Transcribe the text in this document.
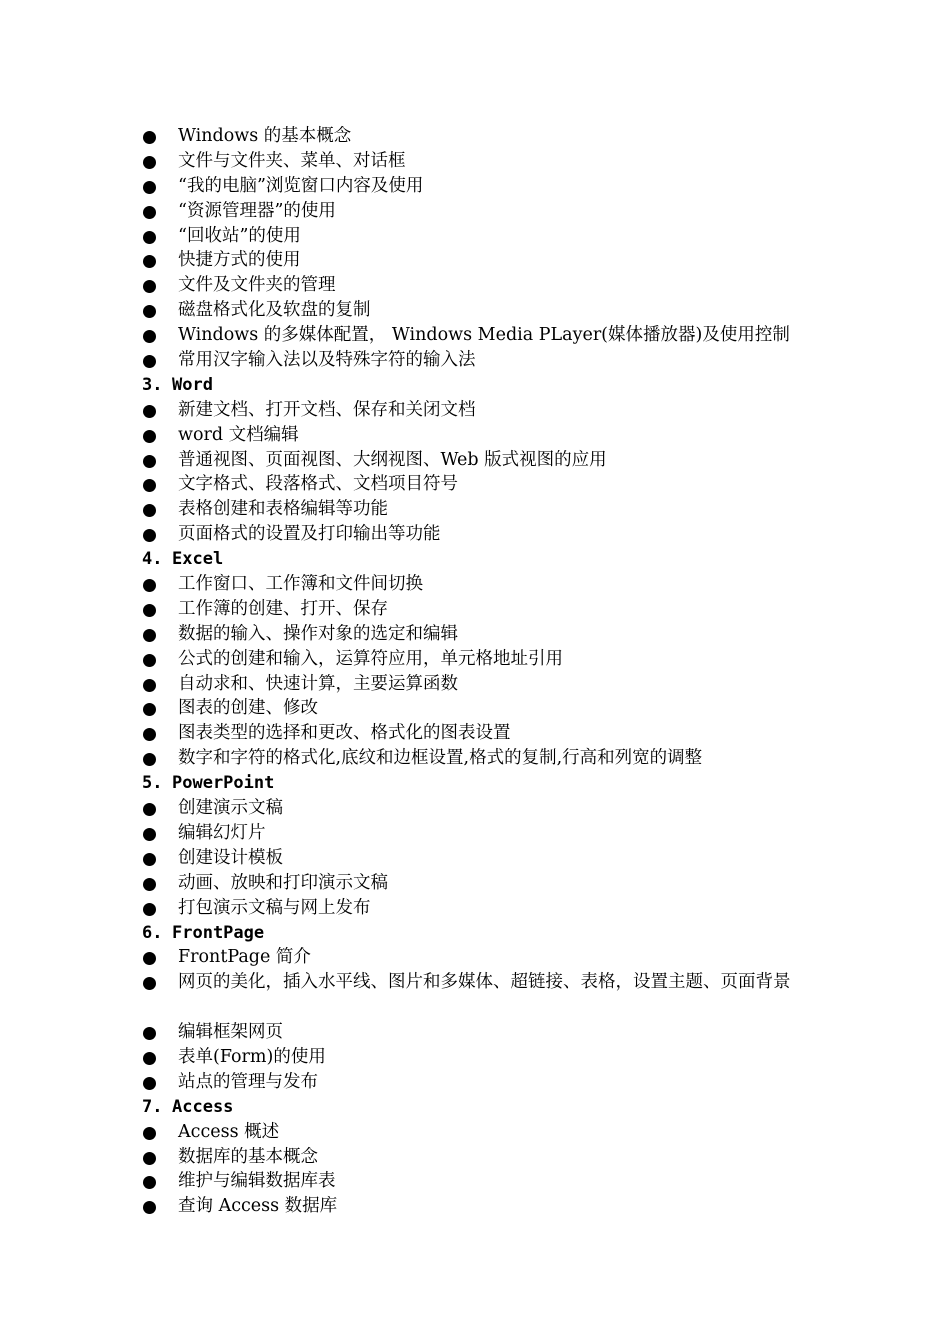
Windows 的基本概念
文件与文件夹、菜单、对话框
“我的电脑”浏览窗口内容及使用
“资源管理器”的使用
“回收站”的使用
快捷方式的使用
文件及文件夹的管理
磁盘格式化及软盘的复制
Windows 的多媒体配置， Windows Media PLayer(媒体播放器)及使用控制
常用汉字输入法以及特殊字符的输入法
3. Word
新建文档、打开文档、保存和关闭文档
word 文档编辑
普通视图、页面视图、大纲视图、Web 版式视图的应用
文字格式、段落格式、文档项目符号
表格创建和表格编辑等功能
页面格式的设置及打印输出等功能
4. Excel
工作窗口、工作簿和文件间切换
工作簿的创建、打开、保存
数据的输入、操作对象的选定和编辑
公式的创建和输入，运算符应用，单元格地址引用
自动求和、快速计算，主要运算函数
图表的创建、修改
图表类型的选择和更改、格式化的图表设置
数字和字符的格式化,底纹和边框设置,格式的复制,行高和列宽的调整
5. PowerPoint
创建演示文稿
编辑幻灯片
创建设计模板
动画、放映和打印演示文稿
打包演示文稿与网上发布
6. FrontPage
FrontPage 简介
网页的美化，插入水平线、图片和多媒体、超链接、表格，设置主题、页面背景
编辑框架网页
表单(Form)的使用
站点的管理与发布
7. Access
Access 概述
数据库的基本概念
维护与编辑数据库表
查询 Access 数据库
